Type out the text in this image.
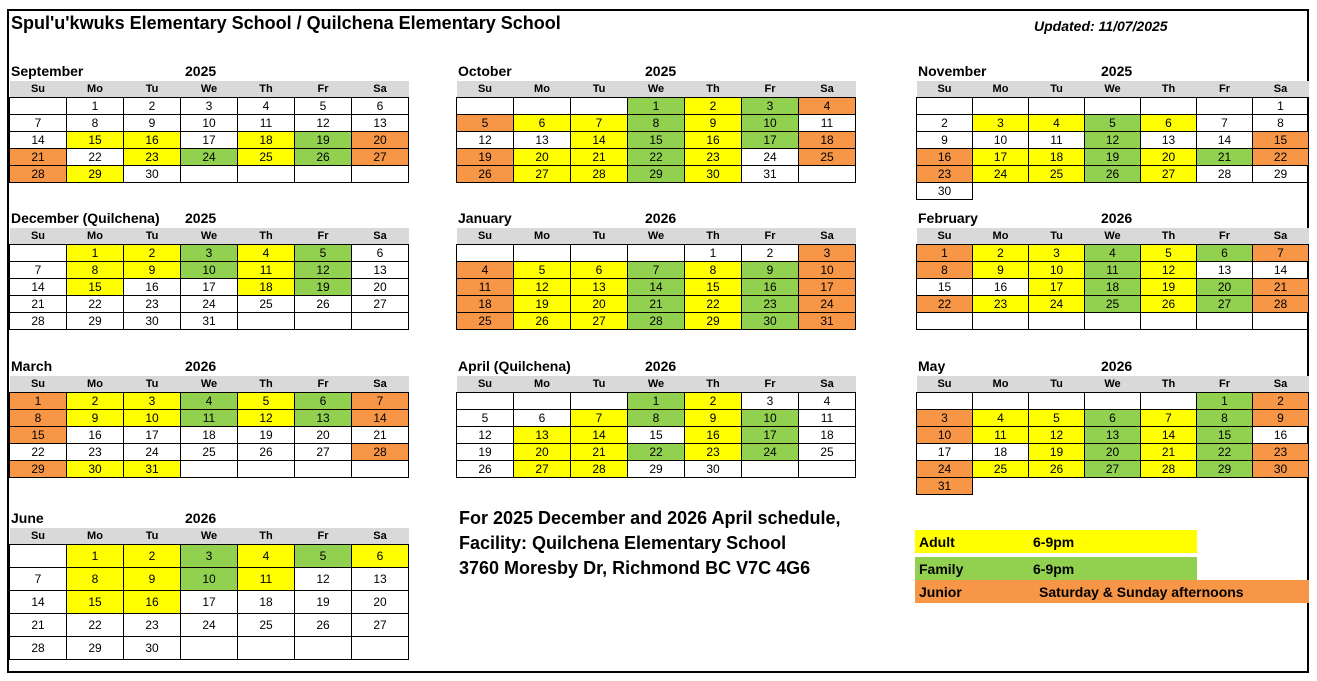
Spul'u'kwuks Elementary School / Quilchena Elementary School	Updated: 11/07/2025
September	2025
Su	Mo	Tu	We	Th	Fr	Sa
	1	2	3	4	5	6
7	8	9	10	11	12	13
14	15	16	17	18	19	20
21	22	23	24	25	26	27
28	29	30				
October	2025
Su	Mo	Tu	We	Th	Fr	Sa
			1	2	3	4
5	6	7	8	9	10	11
12	13	14	15	16	17	18
19	20	21	22	23	24	25
26	27	28	29	30	31	
November	2025
Su	Mo	Tu	We	Th	Fr	Sa
						1
2	3	4	5	6	7	8
9	10	11	12	13	14	15
16	17	18	19	20	21	22
23	24	25	26	27	28	29
30						
December (Quilchena) 2025
Su	Mo	Tu	We	Th	Fr	Sa
	1	2	3	4	5	6
7	8	9	10	11	12	13
14	15	16	17	18	19	20
21	22	23	24	25	26	27
28	29	30	31			
January	2026
Su	Mo	Tu	We	Th	Fr	Sa
				1	2	3
4	5	6	7	8	9	10
11	12	13	14	15	16	17
18	19	20	21	22	23	24
25	26	27	28	29	30	31
February	2026
Su	Mo	Tu	We	Th	Fr	Sa
1	2	3	4	5	6	7
8	9	10	11	12	13	14
15	16	17	18	19	20	21
22	23	24	25	26	27	28

March	2026
Su	Mo	Tu	We	Th	Fr	Sa
1	2	3	4	5	6	7
8	9	10	11	12	13	14
15	16	17	18	19	20	21
22	23	24	25	26	27	28
29	30	31				
April (Quilchena)	2026
Su	Mo	Tu	We	Th	Fr	Sa
			1	2	3	4
5	6	7	8	9	10	11
12	13	14	15	16	17	18
19	20	21	22	23	24	25
26	27	28	29	30		
May	2026
Su	Mo	Tu	We	Th	Fr	Sa
					1	2
3	4	5	6	7	8	9
10	11	12	13	14	15	16
17	18	19	20	21	22	23
24	25	26	27	28	29	30
31						
June	2026
Su	Mo	Tu	We	Th	Fr	Sa
	1	2	3	4	5	6
7	8	9	10	11	12	13
14	15	16	17	18	19	20
21	22	23	24	25	26	27
28	29	30				
For 2025 December and 2026 April schedule,
Facility: Quilchena Elementary School
3760 Moresby Dr, Richmond BC V7C 4G6
Adult	6-9pm
Family	6-9pm
Junior	Saturday & Sunday afternoons
